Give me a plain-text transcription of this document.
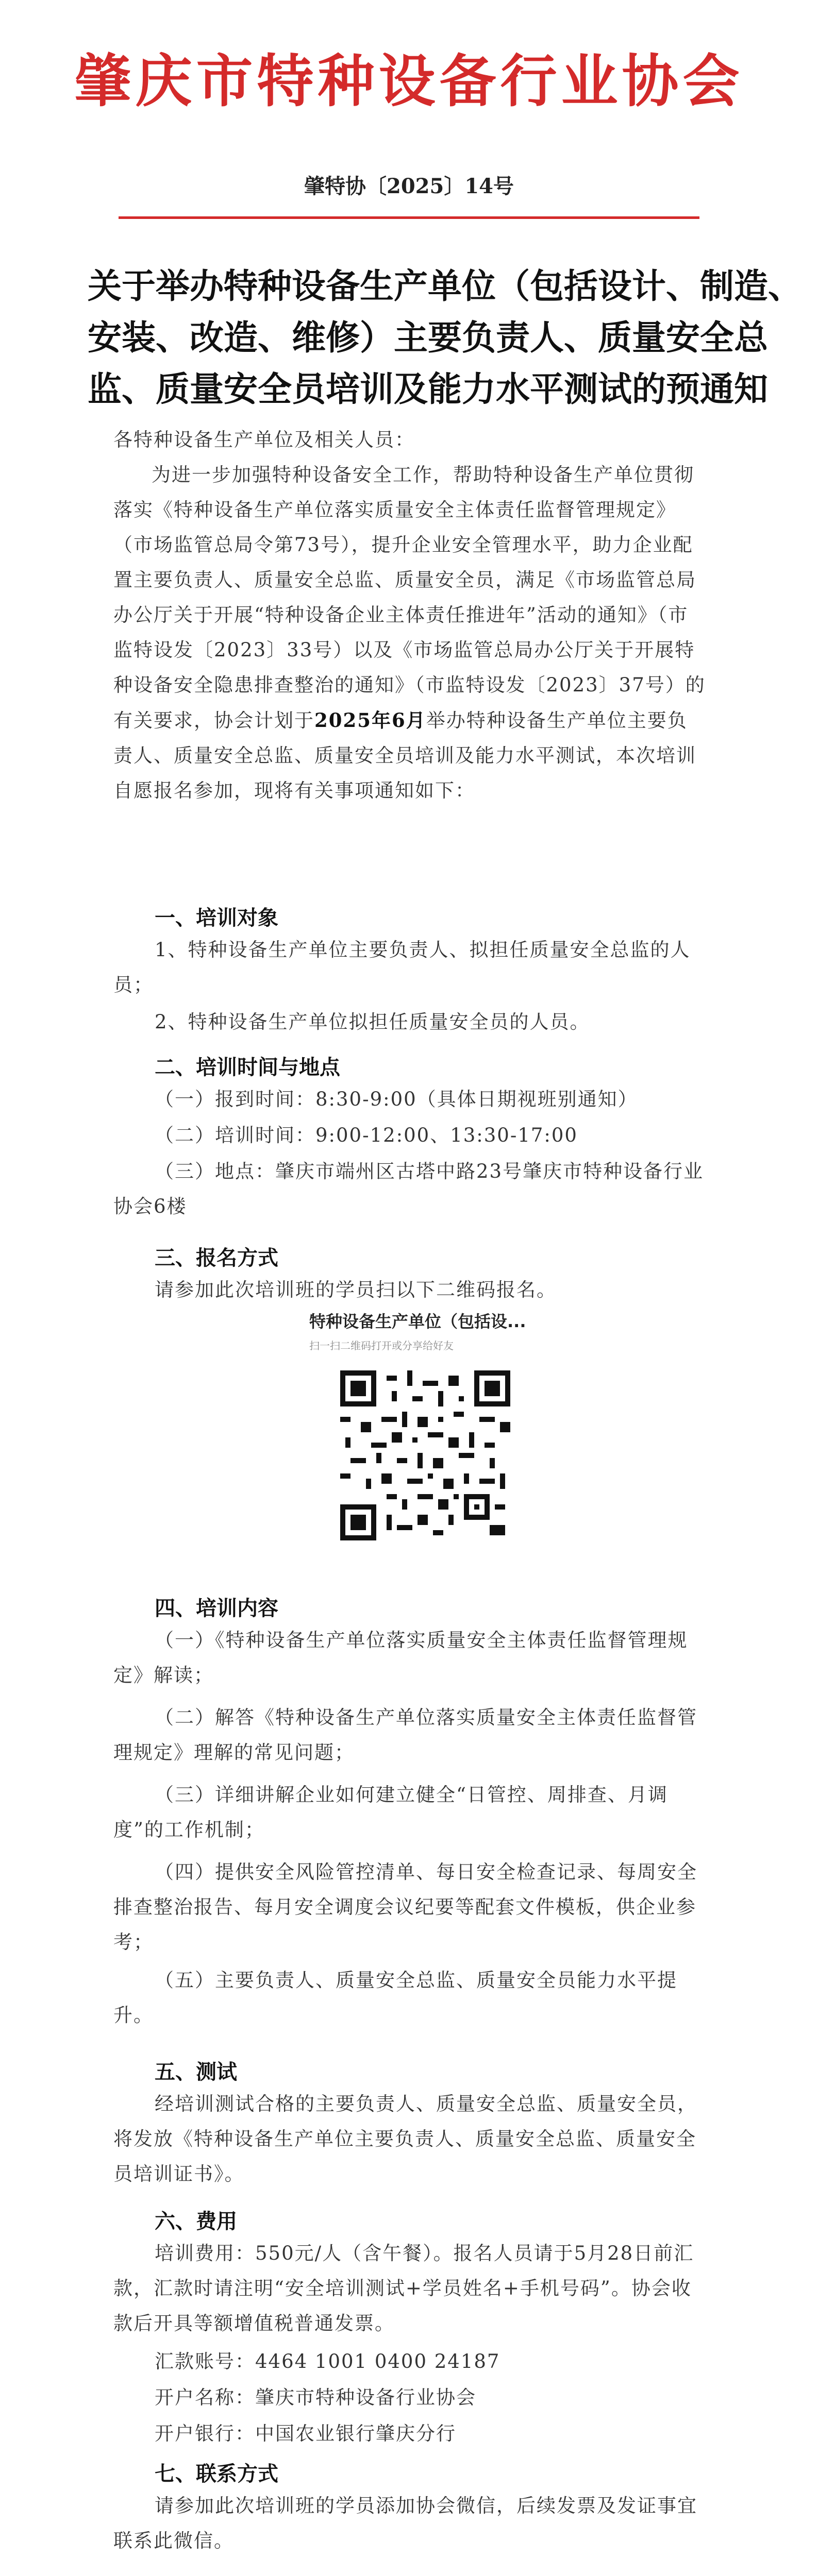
肇庆市特种设备行业协会
肇特协〔2025〕14号
关于举办特种设备生产单位（包括设计、制造、
安装、改造、维修）主要负责人、质量安全总
监、质量安全员培训及能力水平测试的预通知

各特种设备生产单位及相关人员：

为进一步加强特种设备安全工作，帮助特种设备生产单位贯彻落实《特种设备生产单位落实质量安全主体责任监督管理规定》（市场监管总局令第73号），提升企业安全管理水平，助力企业配置主要负责人、质量安全总监、质量安全员，满足《市场监管总局办公厅关于开展“特种设备企业主体责任推进年”活动的通知》（市监特设发〔2023〕33号）以及《市场监管总局办公厅关于开展特种设备安全隐患排查整治的通知》（市监特设发〔2023〕37号）的有关要求，协会计划于2025年6月举办特种设备生产单位主要负责人、质量安全总监、质量安全员培训及能力水平测试，本次培训自愿报名参加，现将有关事项通知如下：

一、培训对象
1、特种设备生产单位主要负责人、拟担任质量安全总监的人员；
2、特种设备生产单位拟担任质量安全员的人员。
二、培训时间与地点
（一）报到时间：8:30-9:00（具体日期视班别通知）
（二）培训时间：9:00-12:00、13:30-17:00
（三）地点：肇庆市端州区古塔中路23号肇庆市特种设备行业协会6楼
三、报名方式
请参加此次培训班的学员扫以下二维码报名。
特种设备生产单位（包括设...
扫一扫二维码打开或分享给好友
四、培训内容
（一）《特种设备生产单位落实质量安全主体责任监督管理规定》解读；
（二）解答《特种设备生产单位落实质量安全主体责任监督管理规定》理解的常见问题；
（三）详细讲解企业如何建立健全“日管控、周排查、月调度”的工作机制；
（四）提供安全风险管控清单、每日安全检查记录、每周安全排查整治报告、每月安全调度会议纪要等配套文件模板，供企业参考；
（五）主要负责人、质量安全总监、质量安全员能力水平提升。
五、测试
经培训测试合格的主要负责人、质量安全总监、质量安全员，将发放《特种设备生产单位主要负责人、质量安全总监、质量安全员培训证书》。
六、费用
培训费用：550元/人（含午餐）。报名人员请于5月28日前汇款，汇款时请注明“安全培训测试+学员姓名+手机号码”。协会收款后开具等额增值税普通发票。
汇款账号：4464 1001 0400 24187
开户名称：肇庆市特种设备行业协会
开户银行：中国农业银行肇庆分行
七、联系方式
请参加此次培训班的学员添加协会微信，后续发票及发证事宜联系此微信。
